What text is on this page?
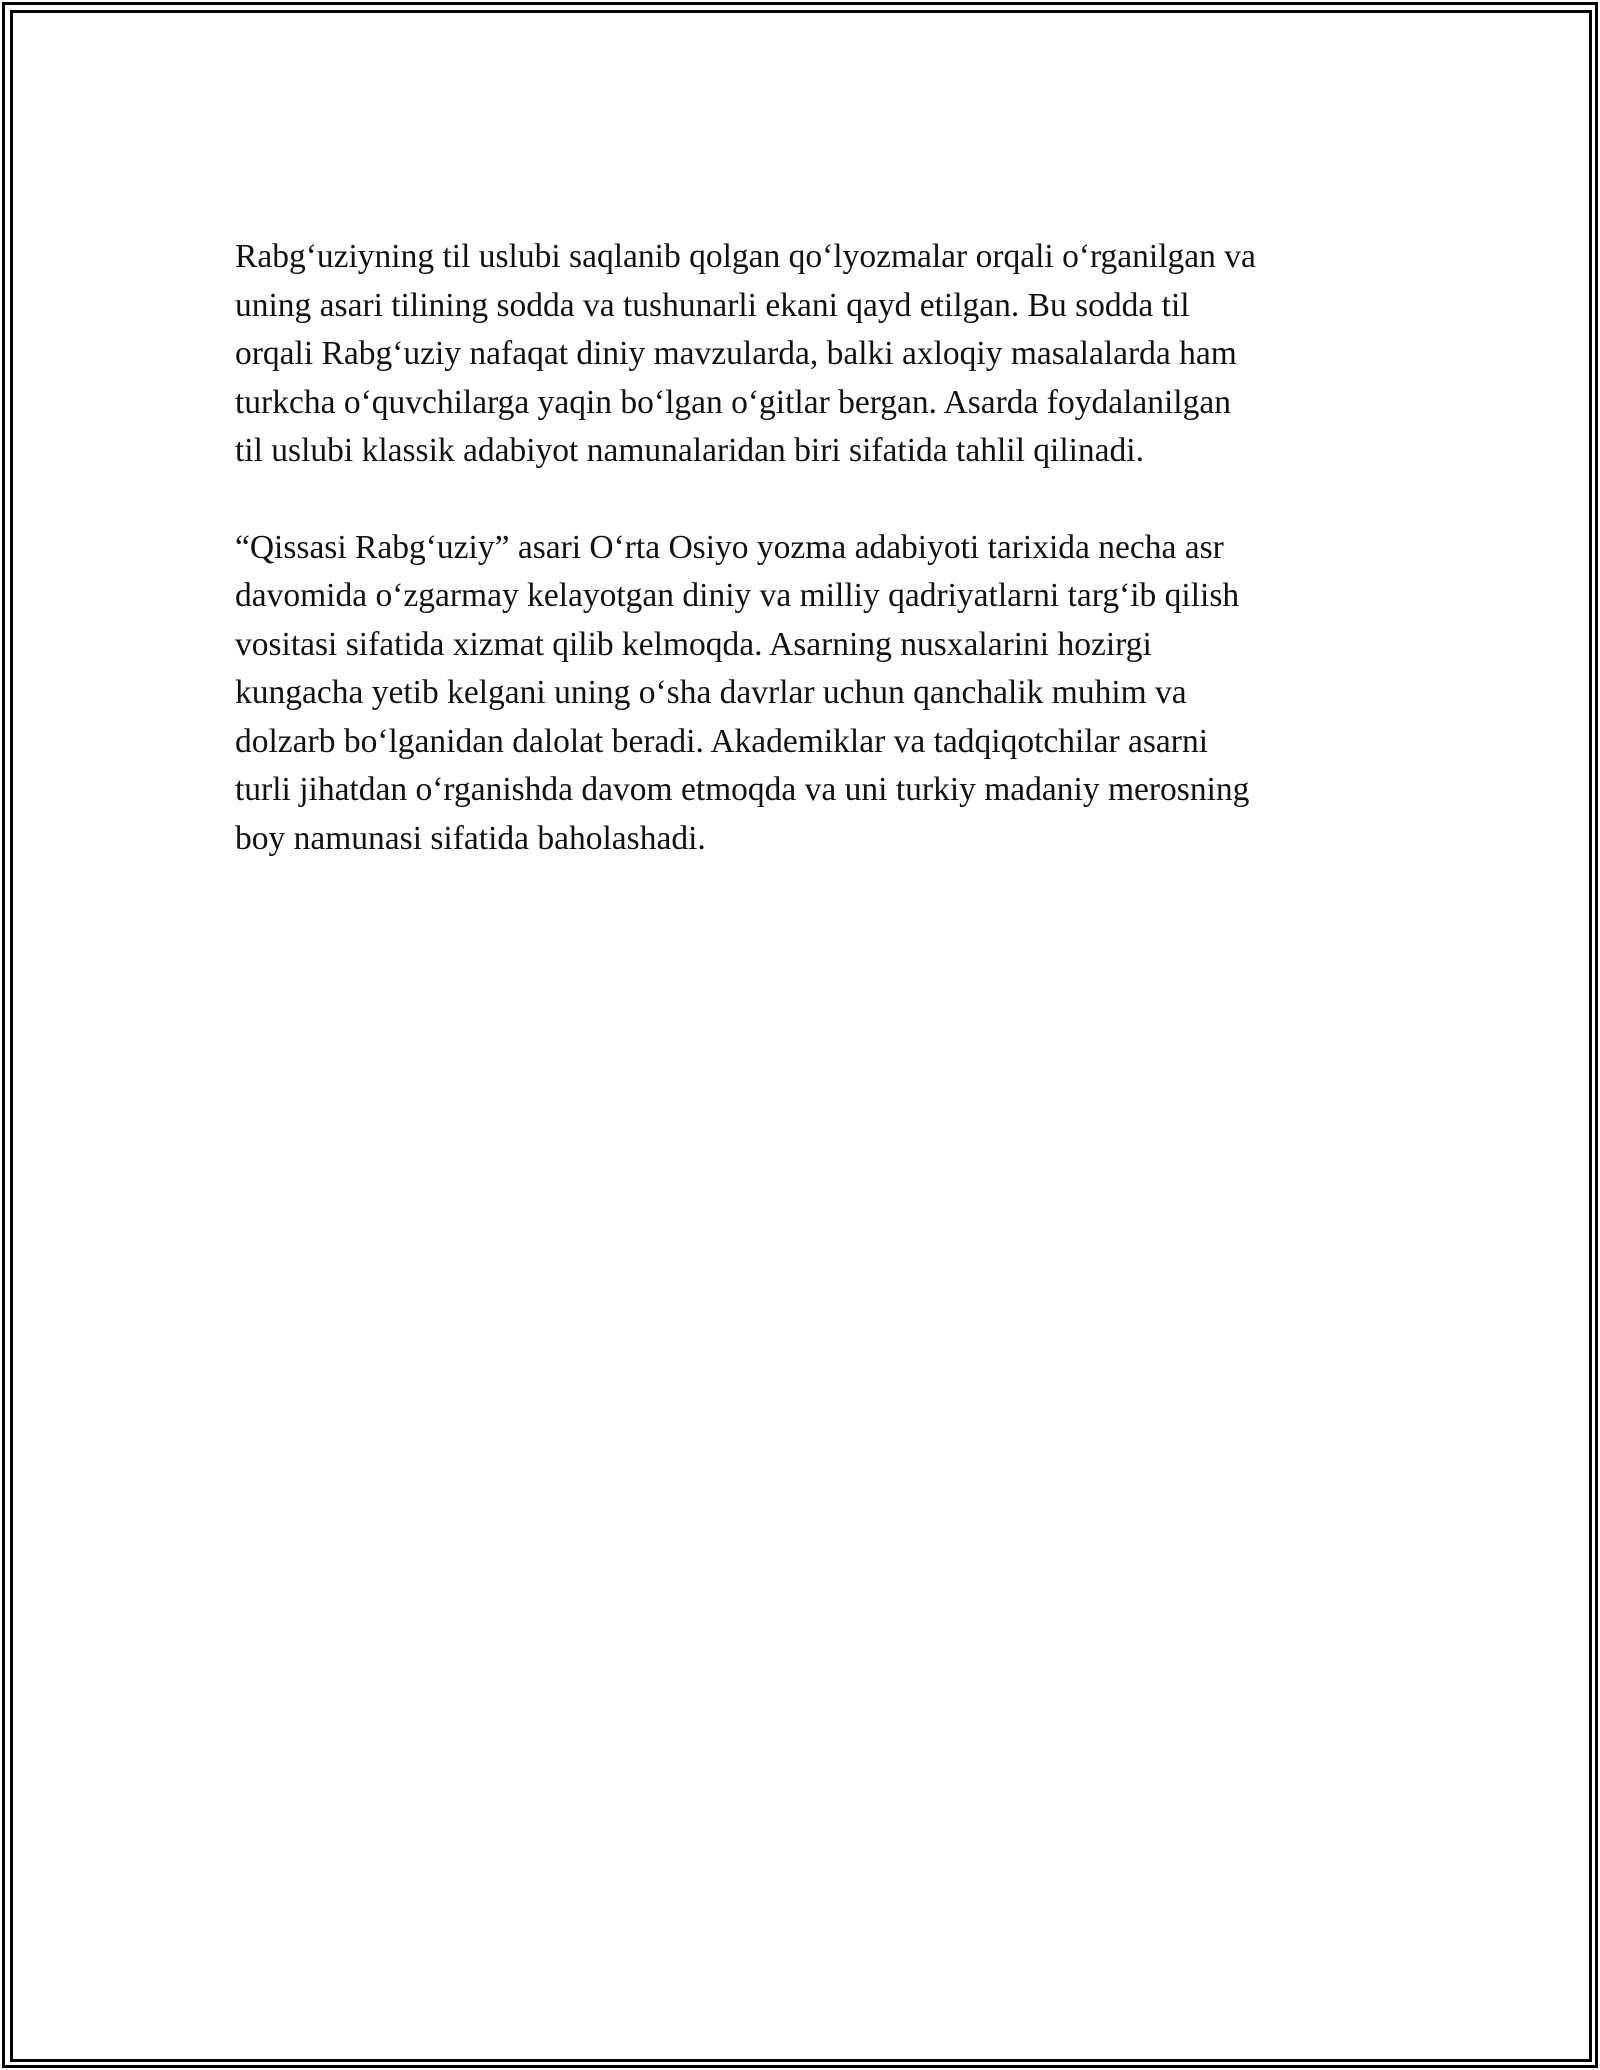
Rabg‘uziyning til uslubi saqlanib qolgan qo‘lyozmalar orqali o‘rganilgan va
uning asari tilining sodda va tushunarli ekani qayd etilgan. Bu sodda til
orqali Rabg‘uziy nafaqat diniy mavzularda, balki axloqiy masalalarda ham
turkcha o‘quvchilarga yaqin bo‘lgan o‘gitlar bergan. Asarda foydalanilgan
til uslubi klassik adabiyot namunalaridan biri sifatida tahlil qilinadi.

“Qissasi Rabg‘uziy” asari O‘rta Osiyo yozma adabiyoti tarixida necha asr
davomida o‘zgarmay kelayotgan diniy va milliy qadriyatlarni targ‘ib qilish
vositasi sifatida xizmat qilib kelmoqda. Asarning nusxalarini hozirgi
kungacha yetib kelgani uning o‘sha davrlar uchun qanchalik muhim va
dolzarb bo‘lganidan dalolat beradi. Akademiklar va tadqiqotchilar asarni
turli jihatdan o‘rganishda davom etmoqda va uni turkiy madaniy merosning
boy namunasi sifatida baholashadi.
